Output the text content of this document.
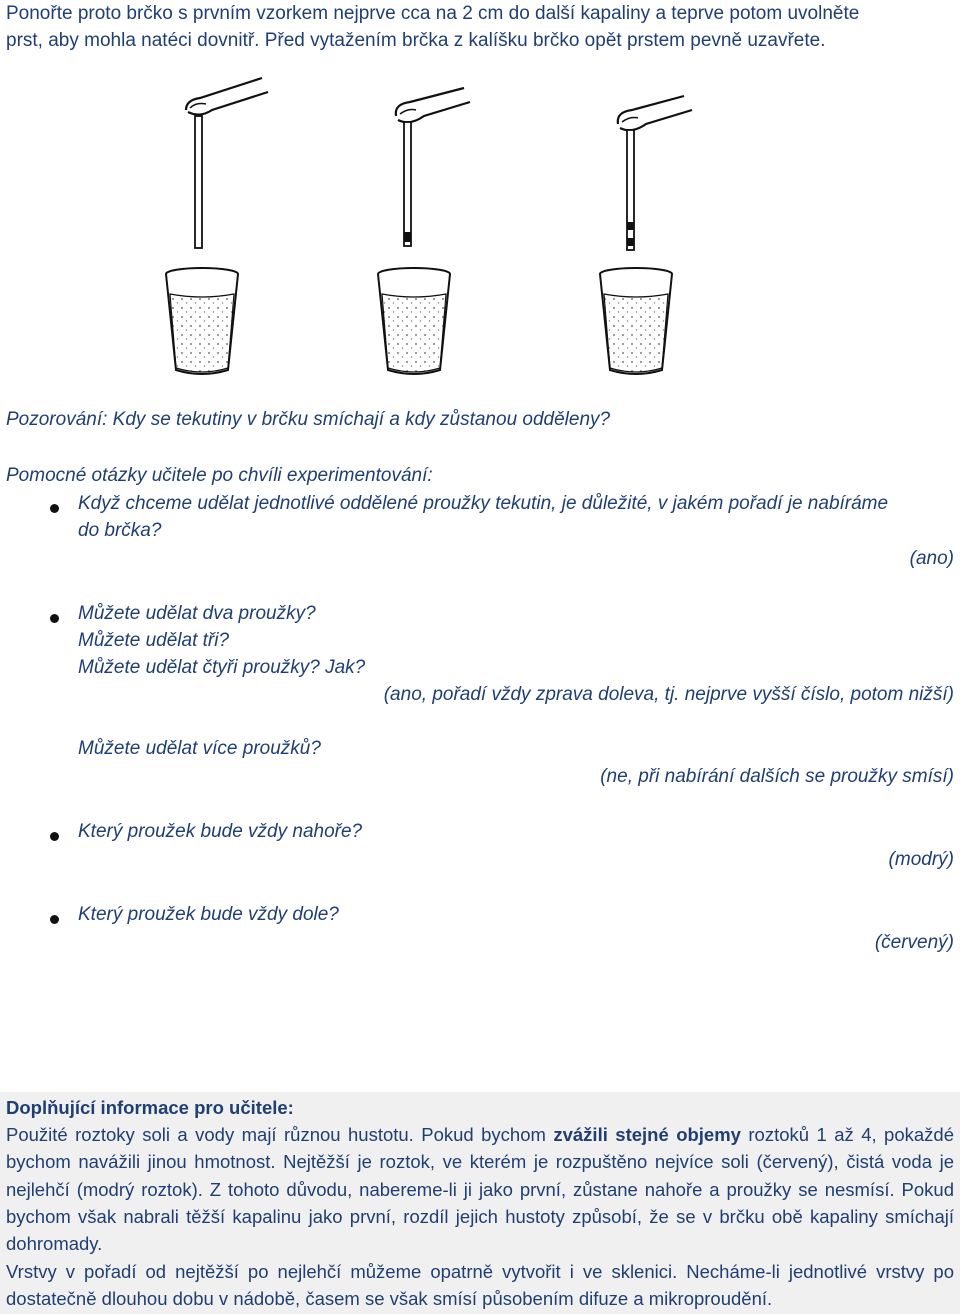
Ponořte proto brčko s prvním vzorkem nejprve cca na 2 cm do další kapaliny a teprve potom uvolněte
prst, aby mohla natéci dovnitř. Před vytažením brčka z kalíšku brčko opět prstem pevně uzavřete.
Pozorování: Kdy se tekutiny v brčku smíchají a kdy zůstanou odděleny?
Pomocné otázky učitele po chvíli experimentování:
Když chceme udělat jednotlivé oddělené proužky tekutin, je důležité, v jakém pořadí je nabíráme
do brčka?
(ano)
Můžete udělat dva proužky?
Můžete udělat tři?
Můžete udělat čtyři proužky? Jak?
(ano, pořadí vždy zprava doleva, tj. nejprve vyšší číslo, potom nižší)
Můžete udělat více proužků?
(ne, při nabírání dalších se proužky smísí)
Který proužek bude vždy nahoře?
(modrý)
Který proužek bude vždy dole?
(červený)

Doplňující informace pro učitele:

Použité roztoky soli a vody mají různou hustotu. Pokud bychom zvážili stejné objemy roztoků 1 až 4, pokaždé bychom navážili jinou hmotnost. Nejtěžší je roztok, ve kterém je rozpuštěno nejvíce soli (červený), čistá voda je nejlehčí (modrý roztok). Z tohoto důvodu, nabereme-li ji jako první, zůstane nahoře a proužky se nesmísí. Pokud bychom však nabrali těžší kapalinu jako první, rozdíl jejich hustoty způsobí, že se v brčku obě kapaliny smíchají dohromady.

Vrstvy v pořadí od nejtěžší po nejlehčí můžeme opatrně vytvořit i ve sklenici. Necháme-li jednotlivé vrstvy po dostatečně dlouhou dobu v nádobě, časem se však smísí působením difuze a mikroproudění.
